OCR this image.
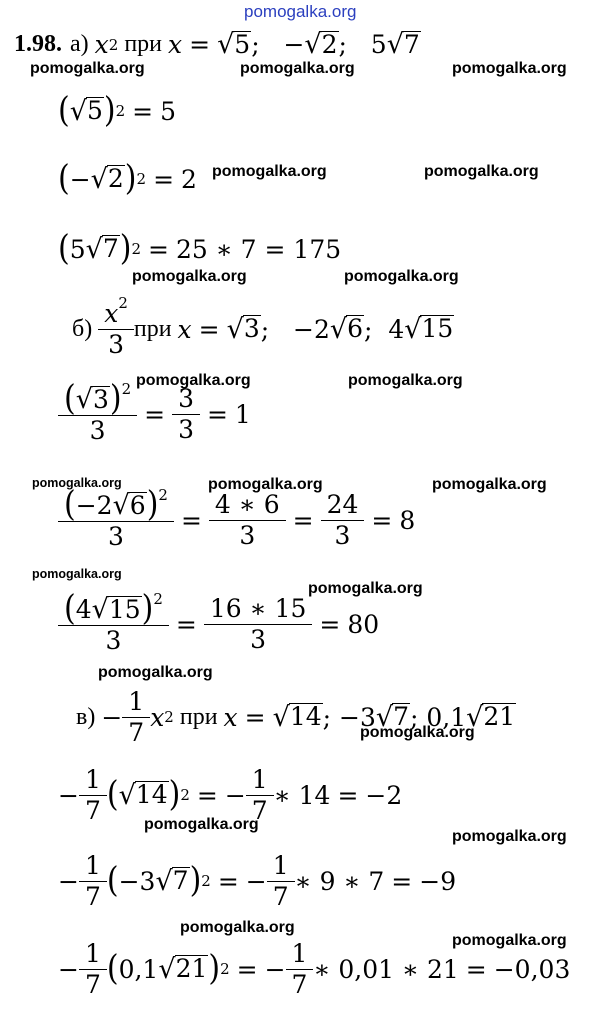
pomogalka.org
pomogalka.org	pomogalka.org	pomogalka.org
pomogalka.org	pomogalka.org
pomogalka.org	pomogalka.org
pomogalka.org	pomogalka.org
pomogalka.org	pomogalka.org	pomogalka.org
pomogalka.org
pomogalka.org
pomogalka.org
pomogalka.org
pomogalka.org
pomogalka.org
pomogalka.org
pomogalka.org
1.98. а) x 2 при x = √ 5 ;   − √ 2 ;   5 √ 7
( √ 5 ) 2 = 5
( − √ 2 ) 2 = 2
( 5 √ 7 ) 2 = 25 ∗ 7 = 175
$б) \frac{x^2}{3}$ при x = √ 3 ;   − 2 √ 6 ; 4 √ 15
$\frac{( √ 3 )^2}{3} = \frac{3}{3} = 1$
$\frac{(-2 √ 6 )^2}{3} = \frac{4 ∗ 6}{3} = \frac{24}{3} = 8$
$\frac{(4 √ 15 )^2}{3} = \frac{16 ∗ 15}{3} = 80$
$в) - \frac{1}{7}$ x 2 при x = √ 14 ; −3 √ 7 ; 0,1 √ 21
− $\frac{1}{7}$ ( √ 14 ) 2 = − $\frac{1}{7}$ ∗ 14 = −2
− $\frac{1}{7}$ ( −3 √ 7 ) 2 = − $\frac{1}{7}$ ∗ 9 ∗ 7 = −9
− $\frac{1}{7}$ ( 0,1 √ 21 ) 2 = − $\frac{1}{7}$ ∗ 0,01 ∗ 21 = −0,03
